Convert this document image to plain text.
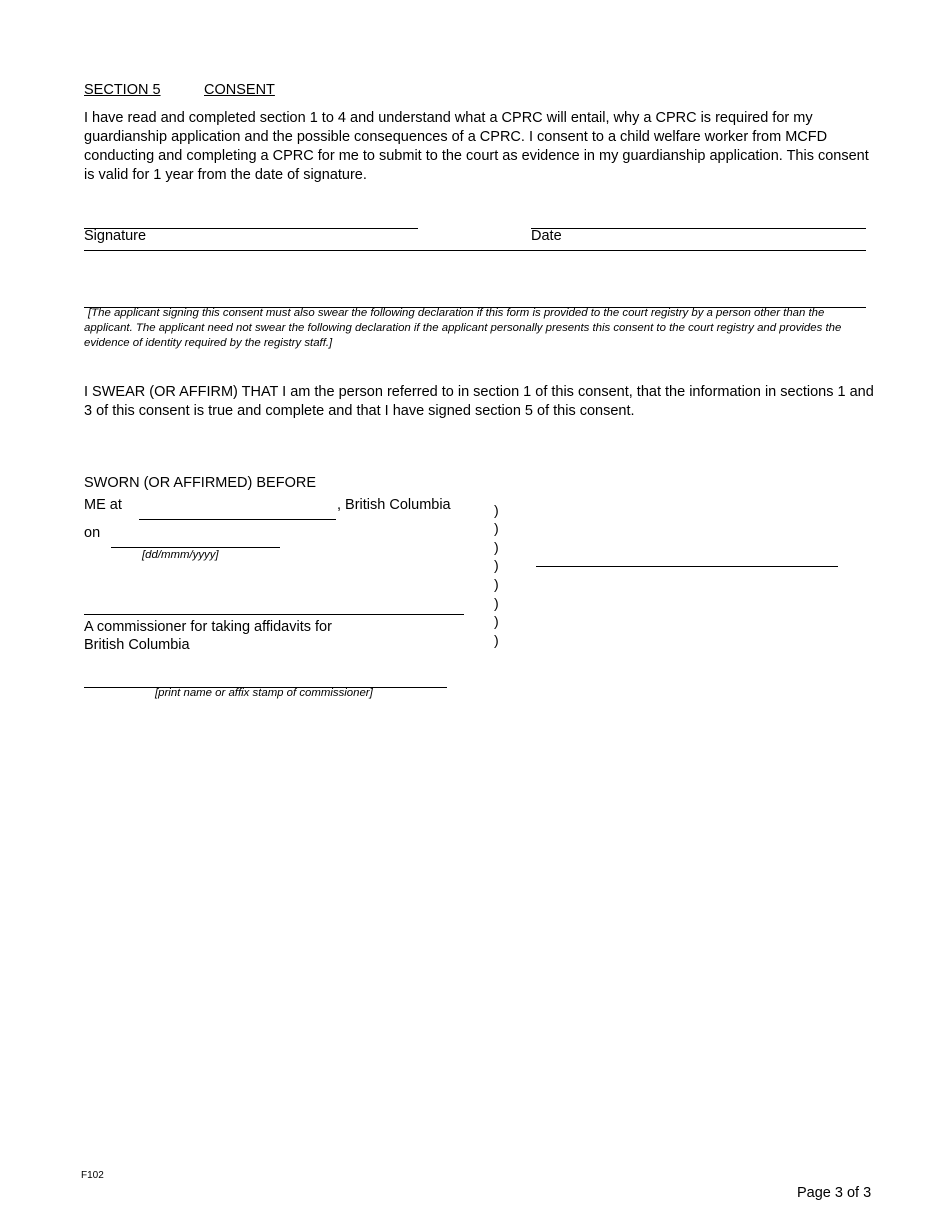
SECTION 5	CONSENT
I have read and completed section 1 to 4 and understand what a CPRC will entail, why a CPRC is required for my guardianship application and the possible consequences of a CPRC. I consent to a child welfare worker from MCFD conducting and completing a CPRC for me to submit to the court as evidence in my guardianship application. This consent is valid for 1 year from the date of signature.
Signature	Date
[The applicant signing this consent must also swear the following declaration if this form is provided to the court registry by a person other than the applicant. The applicant need not swear the following declaration if the applicant personally presents this consent to the court registry and provides the evidence of identity required by the registry staff.]
I SWEAR (OR AFFIRM) THAT I am the person referred to in section 1 of this consent, that the information in sections 1 and 3 of this consent is true and complete and that I have signed section 5 of this consent.
SWORN (OR AFFIRMED) BEFORE
ME at	, British Columbia
on
[dd/mmm/yyyy]
A commissioner for taking affidavits for
British Columbia
[print name or affix stamp of commissioner]
)
)
)
)
)
)
)
)
F102
Page 3 of 3
